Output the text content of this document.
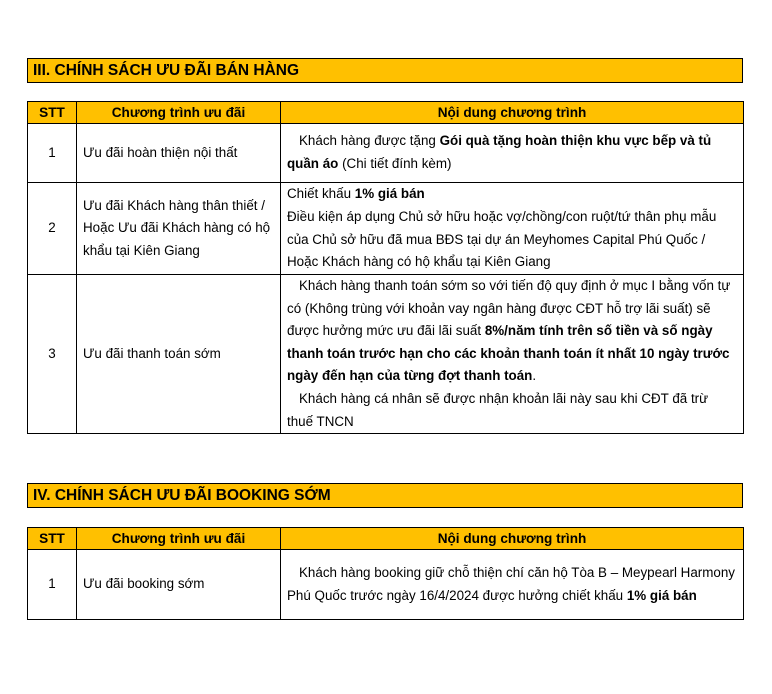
III. CHÍNH SÁCH ƯU ĐÃI BÁN HÀNG
STT	Chương trình ưu đãi	Nội dung chương trình
1	Ưu đãi hoàn thiện nội thất	Khách hàng được tặng Gói quà tặng hoàn thiện khu vực bếp và tủ quần áo (Chi tiết đính kèm)

2	Ưu đãi Khách hàng thân thiết / Hoặc Ưu đãi Khách hàng có hộ khẩu tại Kiên Giang	Chiết khấu 1% giá bán
Điều kiện áp dụng Chủ sở hữu hoặc vợ/chồng/con ruột/tứ thân phụ mẫu của Chủ sở hữu đã mua BĐS tại dự án Meyhomes Capital Phú Quốc / Hoặc Khách hàng có hộ khẩu tại Kiên Giang

3	Ưu đãi thanh toán sớm	Khách hàng thanh toán sớm so với tiến độ quy định ở mục I bằng vốn tự có (Không trùng với khoản vay ngân hàng được CĐT hỗ trợ lãi suất) sẽ được hưởng mức ưu đãi lãi suất 8%/năm tính trên số tiền và số ngày thanh toán trước hạn cho các khoản thanh toán ít nhất 10 ngày trước ngày đến hạn của từng đợt thanh toán.
Khách hàng cá nhân sẽ được nhận khoản lãi này sau khi CĐT đã trừ thuế TNCN
IV. CHÍNH SÁCH ƯU ĐÃI BOOKING SỚM
STT	Chương trình ưu đãi	Nội dung chương trình
1	Ưu đãi booking sớm	Khách hàng booking giữ chỗ thiện chí căn hộ Tòa B – Meypearl Harmony Phú Quốc trước ngày 16/4/2024 được hưởng chiết khấu 1% giá bán
